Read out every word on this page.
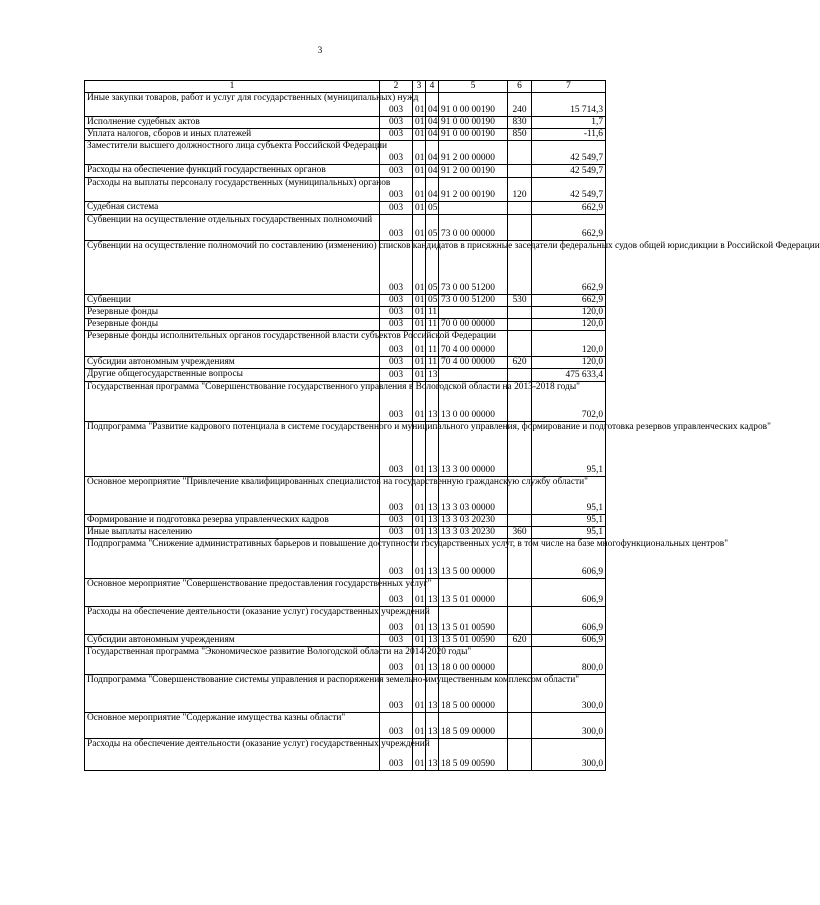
3
1	2	3	4	5	6	7
Иные закупки товаров, работ и услуг для государственных (муниципальных) нужд	003	01	04	91 0 00 00190	240	15 714,3
Исполнение судебных актов	003	01	04	91 0 00 00190	830	1,7
Уплата налогов, сборов и иных платежей	003	01	04	91 0 00 00190	850	-11,6
Заместители высшего должностного лица субъекта Российской Федерации	003	01	04	91 2 00 00000		42 549,7
Расходы на обеспечение функций государственных органов	003	01	04	91 2 00 00190		42 549,7
Расходы на выплаты персоналу государственных (муниципальных) органов	003	01	04	91 2 00 00190	120	42 549,7
Судебная система	003	01	05			662,9
Субвенции на осуществление отдельных государственных полномочий	003	01	05	73 0 00 00000		662,9
Субвенции на осуществление полномочий по составлению (изменению) списков кандидатов в присяжные заседатели федеральных судов общей юрисдикции в Российской Федерации	003	01	05	73 0 00 51200		662,9
Субвенции	003	01	05	73 0 00 51200	530	662,9
Резервные фонды	003	01	11			120,0
Резервные фонды	003	01	11	70 0 00 00000		120,0
Резервные фонды исполнительных органов государственной власти субъектов Российской Федерации	003	01	11	70 4 00 00000		120,0
Субсидии автономным учреждениям	003	01	11	70 4 00 00000	620	120,0
Другие общегосударственные вопросы	003	01	13			475 633,4
Государственная программа "Совершенствование государственного управления в Вологодской области на 2013-2018 годы"	003	01	13	13 0 00 00000		702,0
Подпрограмма "Развитие кадрового потенциала в системе государственного и муниципального управления, формирование и подготовка резервов управленческих кадров"	003	01	13	13 3 00 00000		95,1
Основное мероприятие "Привлечение квалифицированных специалистов на государственную гражданскую службу области"	003	01	13	13 3 03 00000		95,1
Формирование и подготовка резерва управленческих кадров	003	01	13	13 3 03 20230		95,1
Иные выплаты населению	003	01	13	13 3 03 20230	360	95,1
Подпрограмма "Снижение административных барьеров и повышение доступности государственных услуг, в том числе на базе многофункциональных центров"	003	01	13	13 5 00 00000		606,9
Основное мероприятие "Совершенствование предоставления государственных услуг"	003	01	13	13 5 01 00000		606,9
Расходы на обеспечение деятельности (оказание услуг) государственных учреждений	003	01	13	13 5 01 00590		606,9
Субсидии автономным учреждениям	003	01	13	13 5 01 00590	620	606,9
Государственная программа "Экономическое развитие Вологодской области на 2014-2020 годы"	003	01	13	18 0 00 00000		800,0
Подпрограмма "Совершенствование системы управления и распоряжения земельно-имущественным комплексом области"	003	01	13	18 5 00 00000		300,0
Основное мероприятие "Содержание имущества казны области"	003	01	13	18 5 09 00000		300,0
Расходы на обеспечение деятельности (оказание услуг) государственных учреждений	003	01	13	18 5 09 00590		300,0
